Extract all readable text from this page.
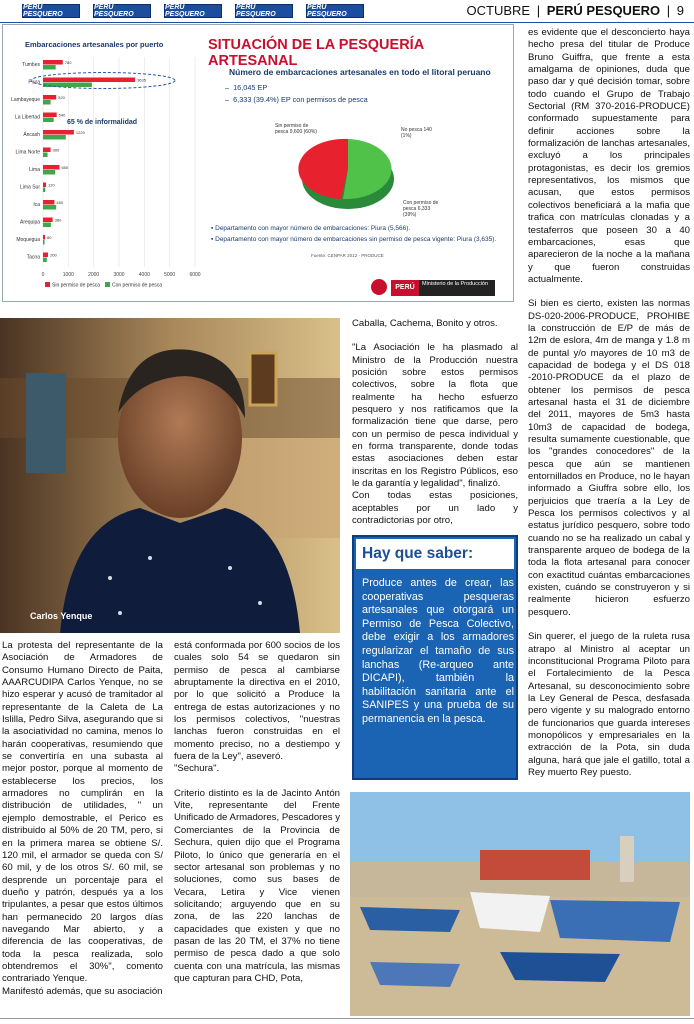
PERÚ PESQUERO
PERÚ PESQUERO
PERÚ PESQUERO
PERÚ PESQUERO
PERÚ PESQUERO	OCTUBRE | PERÚ PESQUERO | 9
Embarcaciones artesanales por puerto
0	1000	2000	3000	4000	5000	6000
Tumbes	780
Piura	3635
Lambayeque	520
La Libertad	540
Áncash	1220
Lima Norte	300
Lima	650
Lima Sur 120
Ica	450
Arequipa	380
Moquegua 80
Tacna	200
Sin permiso de pesca Con permiso de pesca
65 % de informalidad
SITUACIÓN DE LA PESQUERÍA ARTESANAL
Número de embarcaciones artesanales en todo el litoral peruano
–  16,045 EP
–  6,333 (39.4%) EP con permisos de pesca
Sin permiso de pesca 9,600 (60%)	No pesca 140 (1%)
Con permiso de pesca 6,333 (39%)
▪ Departamento con mayor número de embarcaciones: Piura (5,566).
▪ Departamento con mayor número de embarcaciones sin permiso de pesca vigente: Piura (3,635).
Fuente: CENPAR 2012 - PRODUCE
PERÚ	Ministerio de la Producción
Carlos Yenque

La protesta del representante de la Asociación de Armadores de Consumo Humano Directo de Paita, AAARCUDIPA Carlos Yenque, no se hizo esperar y acusó de tramitador al representante de la Caleta de La Islilla, Pedro Silva, asegurando que si la asociatividad no camina, menos lo harán cooperativas, resumiendo que se convertiría en una subasta al mejor postor, porque al momento de establecerse los precios, los armadores no cumplirán en la distribución de utilidades, " un ejemplo demostrable, el Perico es distribuido al 50% de 20 TM, pero, si en la primera marea se obtiene S/. 120 mil, el armador se queda con S/ 60 mil, y de los otros S/. 60 mil, se desprende un porcentaje para el dueño y patrón, después ya a los tripulantes, a pesar que estos últimos han permanecido 20 largos días navegando Mar abierto, y a diferencia de las cooperativas, de toda la pesca realizada, solo obtendremos el 30%", comento contrariado Yenque.

Manifestó además, que su asociación

Caballa, Cachema, Bonito y otros.

"La Asociación le ha plasmado al Ministro de la Producción nuestra posición sobre estos permisos colectivos, sobre la flota que realmente ha hecho esfuerzo pesquero y nos ratificamos que la formalización tiene que darse, pero con un permiso de pesca individual y en forma transparente, donde todas estas asociaciones deben estar inscritas en los Registro Públicos, eso le da garantía y legalidad", finalizó.

Con todas estas posiciones, aceptables por un lado y contradictorias por otro,

Hay que saber:
Produce antes de crear, las cooperativas pesqueras artesanales que otorgará un Permiso de Pesca Colectivo, debe exigir a los armadores regularizar el tamaño de sus lanchas (Re-arqueo ante DICAPI), también la habilitación sanitaria ante el SANIPES y una prueba de su permanencia en la pesca.

está conformada por 600 socios de los cuales solo 54 se quedaron sin permiso de pesca al cambiarse abruptamente la directiva en el 2010, por lo que solicitó a Produce la entrega de estas autorizaciones y no los permisos colectivos, "nuestras lanchas fueron construidas en el momento preciso, no a destiempo y fuera de la Ley", aseveró.

"Sechura".

Criterio distinto es la de Jacinto Antón Vite, representante del Frente Unificado de Armadores, Pescadores y Comerciantes de la Provincia de Sechura, quien dijo que el Programa Piloto, lo único que generaría en el sector artesanal son problemas y no soluciones, como sus bases de Vecara, Letira y Vice vienen solicitando; arguyendo que en su zona, de las 220 lanchas de capacidades que existen y que no pasan de las 20 TM, el 37% no tiene permiso de pesca dado a que solo cuenta con una matrícula, las mismas que capturan para CHD, Pota,

es evidente que el desconcierto haya hecho presa del titular de Produce Bruno Guiffra, que frente a esta amalgama de opiniones, duda que paso dar y qué decisión tomar, sobre todo cuando el Grupo de Trabajo Sectorial (RM 370-2016-PRODUCE) conformado supuestamente para definir acciones sobre la formalización de lanchas artesanales, excluyó a los principales protagonistas, es decir los gremios representativos, los mismos que acusan, que estos permisos colectivos beneficiará a la mafia que trafica con matrículas clonadas y a testaferros que poseen 30 a 40 embarcaciones, esas que aparecieron de la noche a la mañana y que fueron construidas actualmente.

Si bien es cierto, existen las normas DS-020-2006-PRODUCE, PROHIBE la construcción de E/P de más de 12m de eslora, 4m de manga y 1.8 m de puntal y/o mayores de 10 m3 de capacidad de bodega y el DS 018 -2010-PRODUCE da el plazo de obtener los permisos de pesca artesanal hasta el 31 de diciembre del 2011, mayores de 5m3 hasta 10m3 de capacidad de bodega, resulta sumamente cuestionable, que los "grandes conocedores" de la pesca que aún se mantienen entornillados en Produce, no le hayan informado a Giuffra sobre ello, los perjuicios que traería a la Ley de Pesca los permisos colectivos y al estatus jurídico pesquero, sobre todo cuando no se ha realizado un cabal y transparente arqueo de bodega de la toda la flota artesanal para conocer con exactitud cuántas embarcaciones existen, cuándo se construyeron y si realmente hicieron esfuerzo pesquero.

Sin querer, el juego de la ruleta rusa atrapo al Ministro al aceptar un inconstitucional Programa Piloto para el Fortalecimiento de la Pesca Artesanal, su desconocimiento sobre la Ley General de Pesca, desfasada pero vigente y su malogrado entorno de funcionarios que guarda intereses monopólicos y empresariales en la extracción de la Pota, sin duda alguna, hará que jale el gatillo, total a Rey muerto Rey puesto.
